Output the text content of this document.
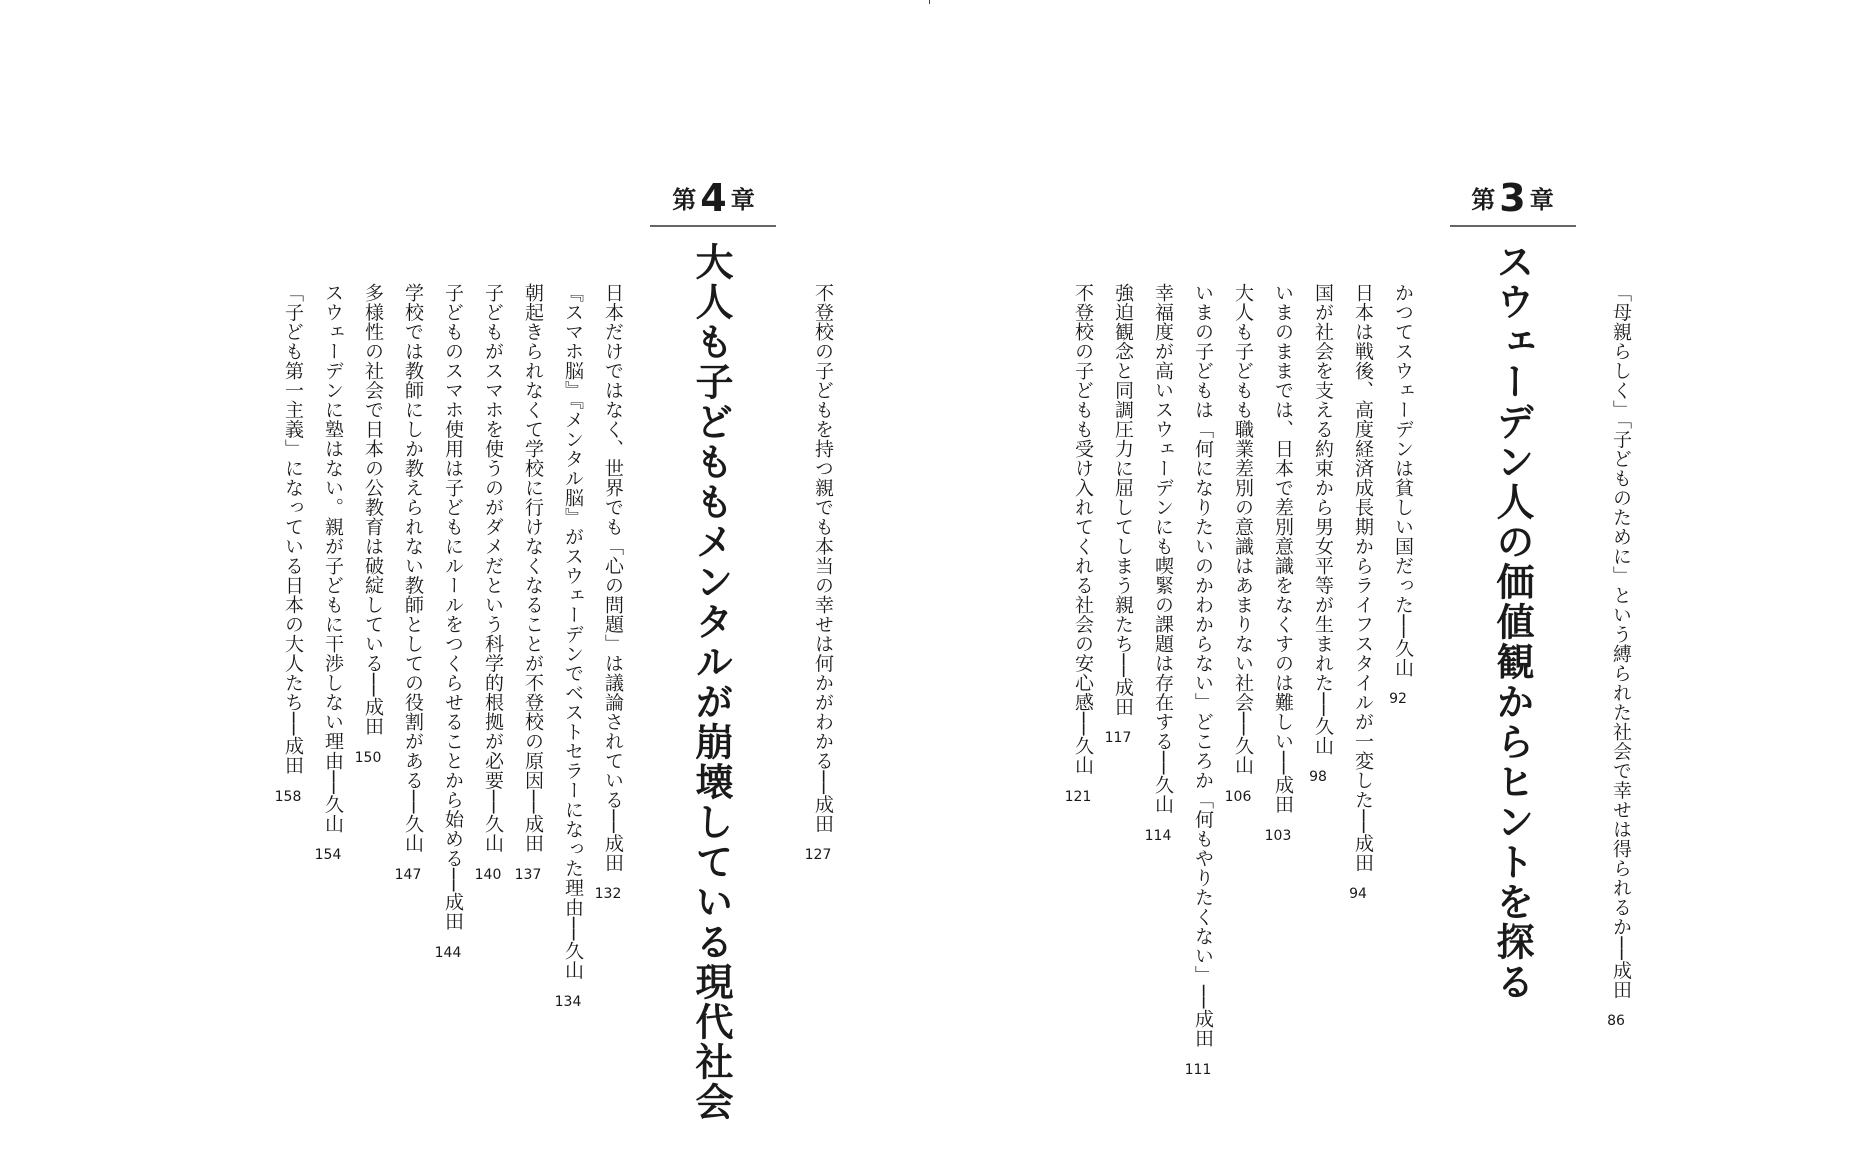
第3 章
スウェーデン人の価値観からヒントを探る	「母親らしく」「子どものために」という縛られた社会で幸せは得られるか──成田
86
かつてスウェーデンは貧しい国だった──久山
92
日本は戦後、高度経済成長期からライフスタイルが一変した──成田
94
国が社会を支える約束から男女平等が生まれた──久山
98
いまのままでは、日本で差別意識をなくすのは難しい──成田
103
大人も子どもも職業差別の意識はあまりない社会──久山
106
いまの子どもは「何になりたいのかわからない」どころか「何もやりたくない」──成田
111
幸福度が高いスウェーデンにも喫緊の課題は存在する──久山
114
強迫観念と同調圧力に屈してしまう親たち──成田
117
不登校の子どもも受け入れてくれる社会の安心感──久山
121
第4 章
大人も子どももメンタルが崩壊している現代社会	不登校の子どもを持つ親でも本当の幸せは何かがわかる──成田
127
日本だけではなく、世界でも「心の問題」は議論されている──成田
132
『スマホ脳』『メンタル脳』がスウェーデンでベストセラーになった理由──久山
134
朝起きられなくて学校に行けなくなることが不登校の原因──成田
137
子どもがスマホを使うのがダメだという科学的根拠が必要──久山
140
子どものスマホ使用は子どもにルールをつくらせることから始める──成田
144
学校では教師にしか教えられない教師としての役割がある──久山
147
多様性の社会で日本の公教育は破綻している──成田
150
スウェーデンに塾はない。親が子どもに干渉しない理由──久山
154
「子ども第一主義」になっている日本の大人たち──成田
158
